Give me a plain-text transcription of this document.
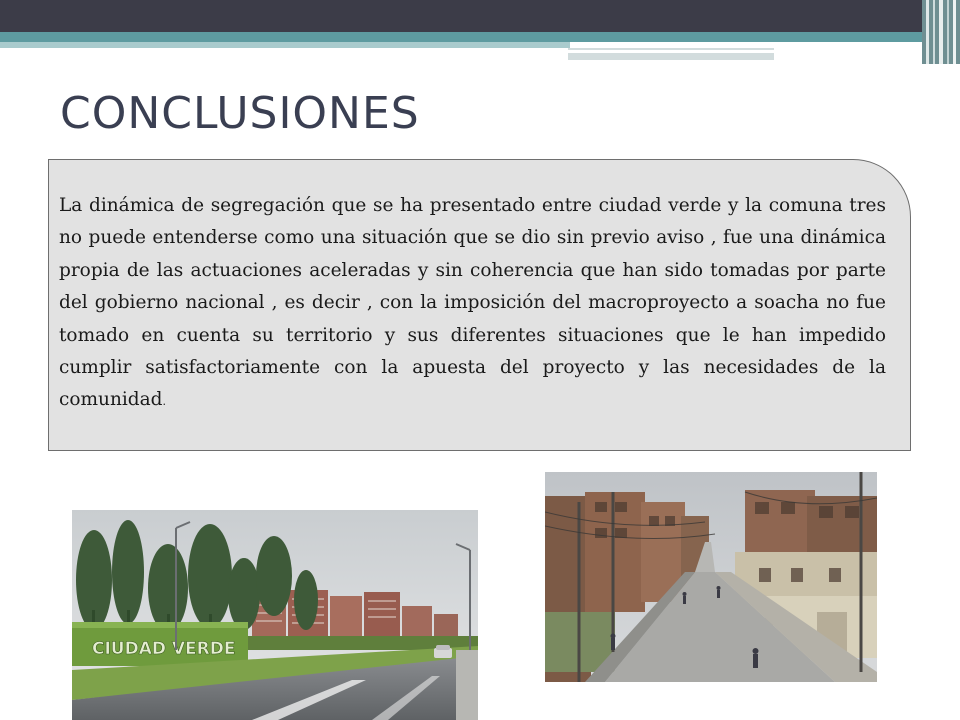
CONCLUSIONES

La dinámica de segregación que se ha presentado entre ciudad verde y la comuna tres no puede entenderse como una situación que se dio sin previo aviso , fue una dinámica propia de las actuaciones aceleradas y sin coherencia que han sido tomadas por parte del gobierno nacional , es decir , con la imposición del macroproyecto a soacha no fue tomado en cuenta su territorio y sus diferentes situaciones que le han impedido cumplir satisfactoriamente con la apuesta del proyecto y las necesidades de la comunidad.

CIUDAD VERDE
